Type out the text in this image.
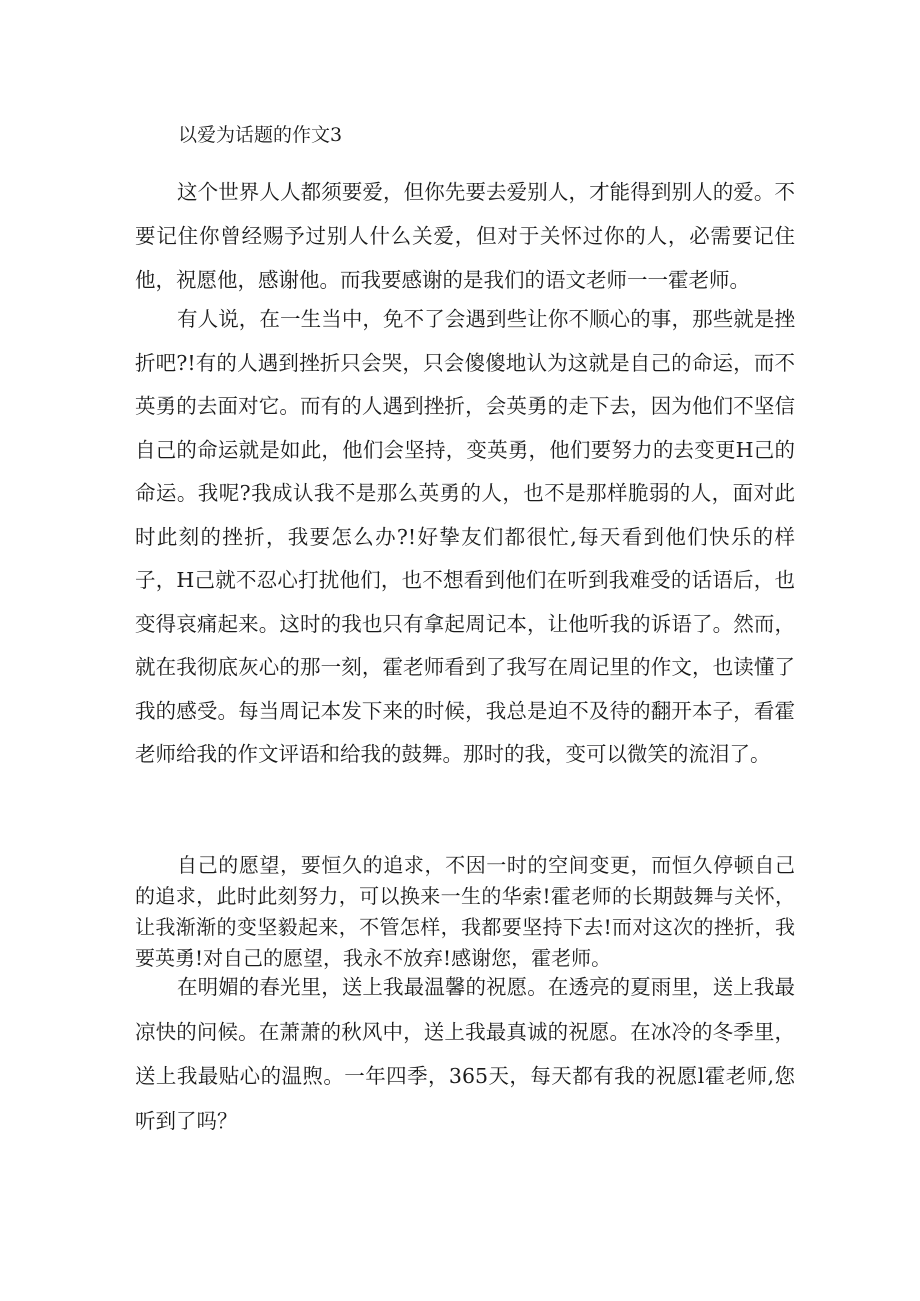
以爱为话题的作文3

这个世界人人都须要爱，但你先要去爱别人，才能得到别人的爱。不要记住你曾经赐予过别人什么关爱，但对于关怀过你的人，必需要记住他，祝愿他，感谢他。而我要感谢的是我们的语文老师一一霍老师。

有人说，在一生当中，免不了会遇到些让你不顺心的事，那些就是挫折吧?!有的人遇到挫折只会哭，只会傻傻地认为这就是自己的命运，而不英勇的去面对它。而有的人遇到挫折，会英勇的走下去，因为他们不坚信自己的命运就是如此，他们会坚持，变英勇，他们要努力的去变更H己的命运。我呢?我成认我不是那么英勇的人，也不是那样脆弱的人，面对此时此刻的挫折，我要怎么办?!好挚友们都很忙,每天看到他们快乐的样子，H己就不忍心打扰他们，也不想看到他们在听到我难受的话语后，也变得哀痛起来。这时的我也只有拿起周记本，让他听我的诉语了。然而，就在我彻底灰心的那一刻，霍老师看到了我写在周记里的作文，也读懂了我的感受。每当周记本发下来的时候，我总是迫不及待的翻开本子，看霍老师给我的作文评语和给我的鼓舞。那时的我，变可以微笑的流泪了。

自己的愿望，要恒久的追求，不因一时的空间变更，而恒久停顿自己的追求，此时此刻努力，可以换来一生的华索!霍老师的长期鼓舞与关怀，让我渐渐的变坚毅起来，不管怎样，我都要坚持下去!而对这次的挫折，我要英勇!对自己的愿望，我永不放弃!感谢您，霍老师。

在明媚的春光里，送上我最温馨的祝愿。在透亮的夏雨里，送上我最凉快的问候。在萧萧的秋风中，送上我最真诚的祝愿。在冰冷的冬季里，送上我最贴心的温煦。一年四季，365天，每天都有我的祝愿l霍老师,您听到了吗？
